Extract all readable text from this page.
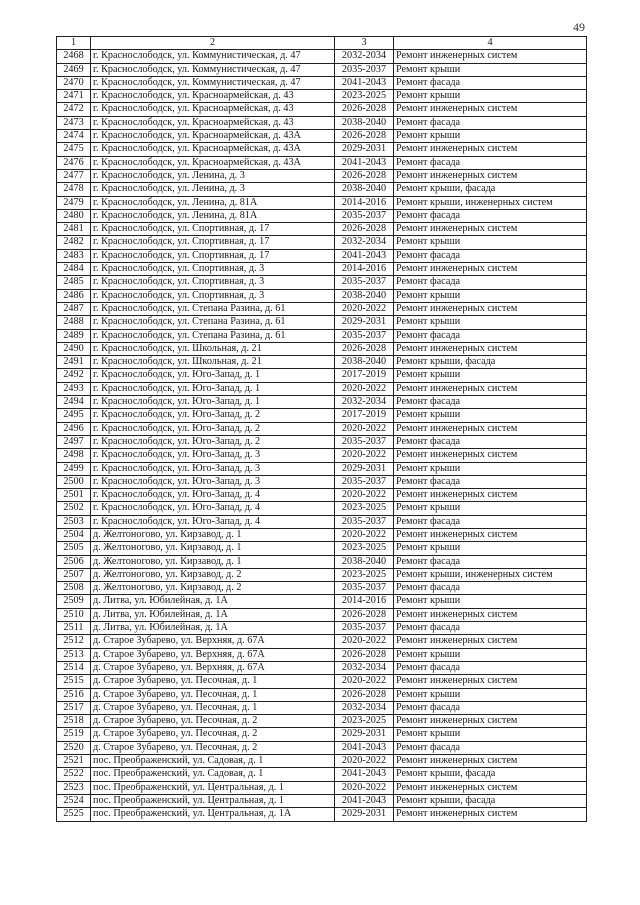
49
1	2	3	4
2468	г. Краснослободск, ул. Коммунистическая, д. 47	2032-2034	Ремонт инженерных систем
2469	г. Краснослободск, ул. Коммунистическая, д. 47	2035-2037	Ремонт крыши
2470	г. Краснослободск, ул. Коммунистическая, д. 47	2041-2043	Ремонт фасада
2471	г. Краснослободск, ул. Красноармейская, д. 43	2023-2025	Ремонт крыши
2472	г. Краснослободск, ул. Красноармейская, д. 43	2026-2028	Ремонт инженерных систем
2473	г. Краснослободск, ул. Красноармейская, д. 43	2038-2040	Ремонт фасада
2474	г. Краснослободск, ул. Красноармейская, д. 43А	2026-2028	Ремонт крыши
2475	г. Краснослободск, ул. Красноармейская, д. 43А	2029-2031	Ремонт инженерных систем
2476	г. Краснослободск, ул. Красноармейская, д. 43А	2041-2043	Ремонт фасада
2477	г. Краснослободск, ул. Ленина, д. 3	2026-2028	Ремонт инженерных систем
2478	г. Краснослободск, ул. Ленина, д. 3	2038-2040	Ремонт крыши, фасада
2479	г. Краснослободск, ул. Ленина, д. 81А	2014-2016	Ремонт крыши, инженерных систем
2480	г. Краснослободск, ул. Ленина, д. 81А	2035-2037	Ремонт фасада
2481	г. Краснослободск, ул. Спортивная, д. 17	2026-2028	Ремонт инженерных систем
2482	г. Краснослободск, ул. Спортивная, д. 17	2032-2034	Ремонт крыши
2483	г. Краснослободск, ул. Спортивная, д. 17	2041-2043	Ремонт фасада
2484	г. Краснослободск, ул. Спортивная, д. 3	2014-2016	Ремонт инженерных систем
2485	г. Краснослободск, ул. Спортивная, д. 3	2035-2037	Ремонт фасада
2486	г. Краснослободск, ул. Спортивная, д. 3	2038-2040	Ремонт крыши
2487	г. Краснослободск, ул. Степана Разина, д. 61	2020-2022	Ремонт инженерных систем
2488	г. Краснослободск, ул. Степана Разина, д. 61	2029-2031	Ремонт крыши
2489	г. Краснослободск, ул. Степана Разина, д. 61	2035-2037	Ремонт фасада
2490	г. Краснослободск, ул. Школьная, д. 21	2026-2028	Ремонт инженерных систем
2491	г. Краснослободск, ул. Школьная, д. 21	2038-2040	Ремонт крыши, фасада
2492	г. Краснослободск, ул. Юго-Запад, д. 1	2017-2019	Ремонт крыши
2493	г. Краснослободск, ул. Юго-Запад, д. 1	2020-2022	Ремонт инженерных систем
2494	г. Краснослободск, ул. Юго-Запад, д. 1	2032-2034	Ремонт фасада
2495	г. Краснослободск, ул. Юго-Запад, д. 2	2017-2019	Ремонт крыши
2496	г. Краснослободск, ул. Юго-Запад, д. 2	2020-2022	Ремонт инженерных систем
2497	г. Краснослободск, ул. Юго-Запад, д. 2	2035-2037	Ремонт фасада
2498	г. Краснослободск, ул. Юго-Запад, д. 3	2020-2022	Ремонт инженерных систем
2499	г. Краснослободск, ул. Юго-Запад, д. 3	2029-2031	Ремонт крыши
2500	г. Краснослободск, ул. Юго-Запад, д. 3	2035-2037	Ремонт фасада
2501	г. Краснослободск, ул. Юго-Запад, д. 4	2020-2022	Ремонт инженерных систем
2502	г. Краснослободск, ул. Юго-Запад, д. 4	2023-2025	Ремонт крыши
2503	г. Краснослободск, ул. Юго-Запад, д. 4	2035-2037	Ремонт фасада
2504	д. Желтоногово, ул. Кирзавод, д. 1	2020-2022	Ремонт инженерных систем
2505	д. Желтоногово, ул. Кирзавод, д. 1	2023-2025	Ремонт крыши
2506	д. Желтоногово, ул. Кирзавод, д. 1	2038-2040	Ремонт фасада
2507	д. Желтоногово, ул. Кирзавод, д. 2	2023-2025	Ремонт крыши, инженерных систем
2508	д. Желтоногово, ул. Кирзавод, д. 2	2035-2037	Ремонт фасада
2509	д. Литва, ул. Юбилейная, д. 1А	2014-2016	Ремонт крыши
2510	д. Литва, ул. Юбилейная, д. 1А	2026-2028	Ремонт инженерных систем
2511	д. Литва, ул. Юбилейная, д. 1А	2035-2037	Ремонт фасада
2512	д. Старое Зубарево, ул. Верхняя, д. 67А	2020-2022	Ремонт инженерных систем
2513	д. Старое Зубарево, ул. Верхняя, д. 67А	2026-2028	Ремонт крыши
2514	д. Старое Зубарево, ул. Верхняя, д. 67А	2032-2034	Ремонт фасада
2515	д. Старое Зубарево, ул. Песочная, д. 1	2020-2022	Ремонт инженерных систем
2516	д. Старое Зубарево, ул. Песочная, д. 1	2026-2028	Ремонт крыши
2517	д. Старое Зубарево, ул. Песочная, д. 1	2032-2034	Ремонт фасада
2518	д. Старое Зубарево, ул. Песочная, д. 2	2023-2025	Ремонт инженерных систем
2519	д. Старое Зубарево, ул. Песочная, д. 2	2029-2031	Ремонт крыши
2520	д. Старое Зубарево, ул. Песочная, д. 2	2041-2043	Ремонт фасада
2521	пос. Преображенский, ул. Садовая, д. 1	2020-2022	Ремонт инженерных систем
2522	пос. Преображенский, ул. Садовая, д. 1	2041-2043	Ремонт крыши, фасада
2523	пос. Преображенский, ул. Центральная, д. 1	2020-2022	Ремонт инженерных систем
2524	пос. Преображенский, ул. Центральная, д. 1	2041-2043	Ремонт крыши, фасада
2525	пос. Преображенский, ул. Центральная, д. 1А	2029-2031	Ремонт инженерных систем
